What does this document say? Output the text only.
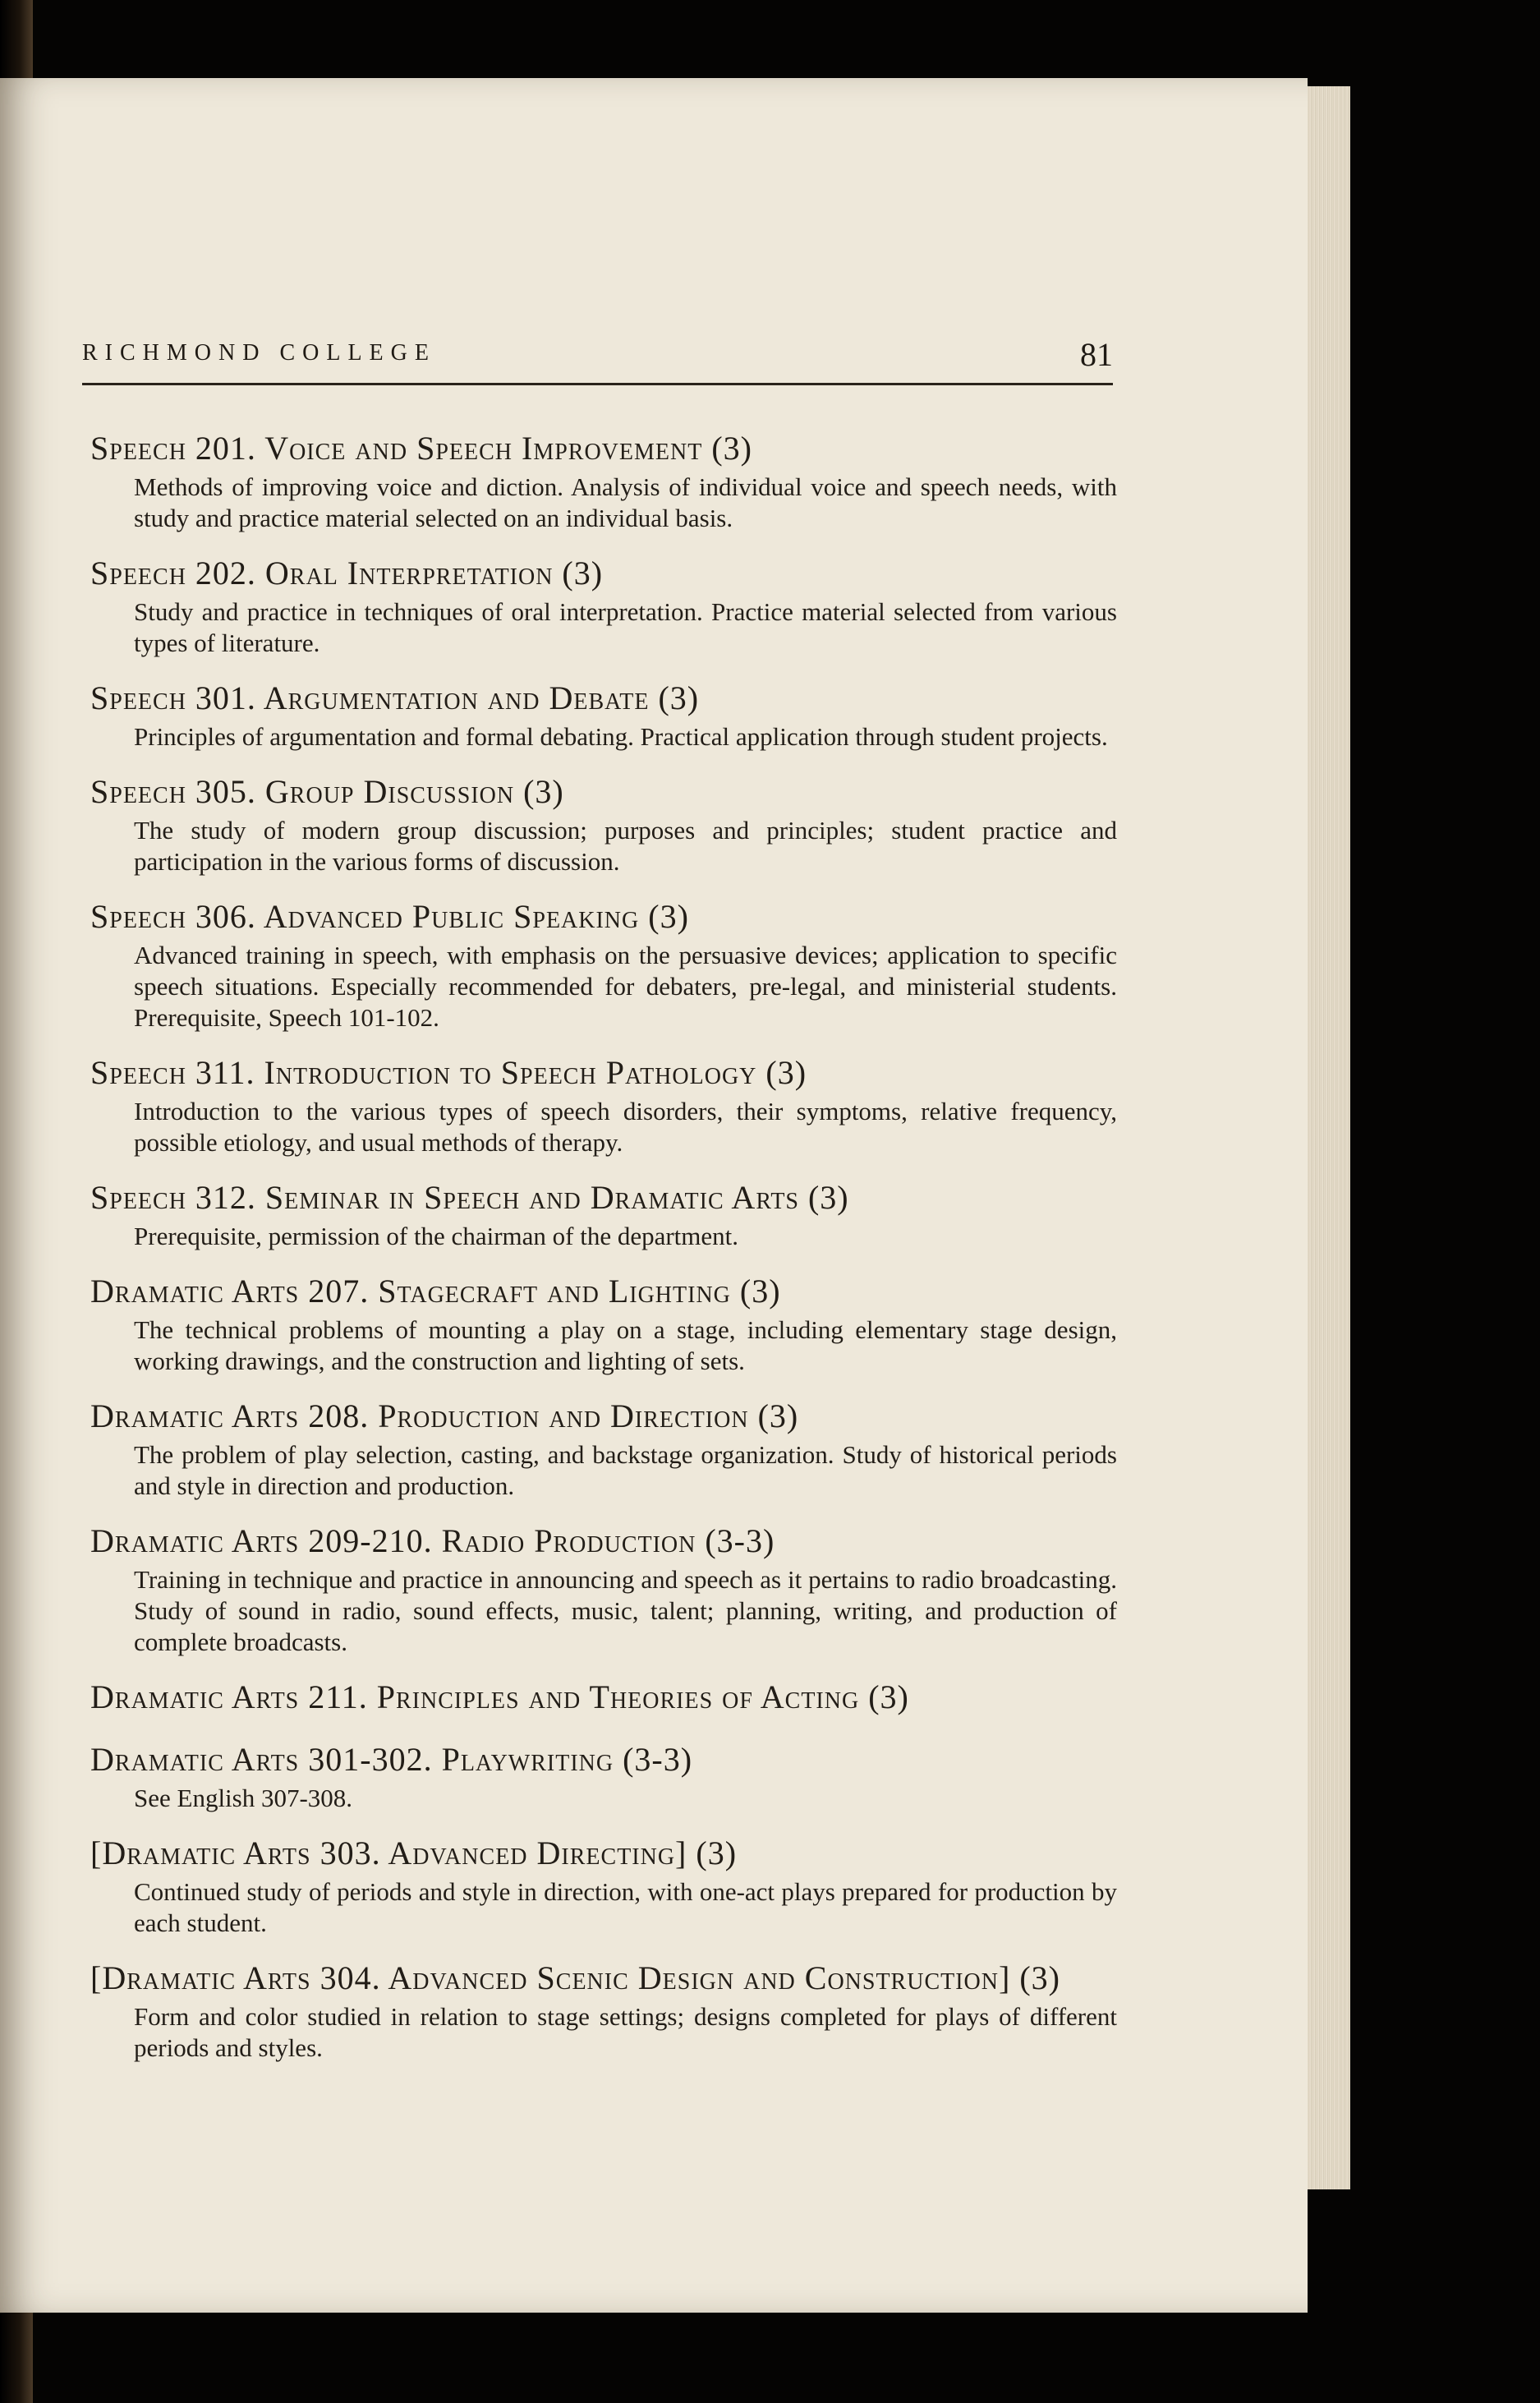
RICHMOND COLLEGE	81
Speech 201. Voice and Speech Improvement (3)
Methods of improving voice and diction. Analysis of individual voice and speech needs, with study and practice material selected on an individual basis.
Speech 202. Oral Interpretation (3)
Study and practice in techniques of oral interpretation. Practice material selected from various types of literature.
Speech 301. Argumentation and Debate (3)
Principles of argumentation and formal debating. Practical application through student projects.
Speech 305. Group Discussion (3)
The study of modern group discussion; purposes and principles; student practice and participation in the various forms of discussion.
Speech 306. Advanced Public Speaking (3)
Advanced training in speech, with emphasis on the persuasive devices; application to specific speech situations. Especially recommended for debaters, pre-legal, and ministerial students. Prerequisite, Speech 101-102.
Speech 311. Introduction to Speech Pathology (3)
Introduction to the various types of speech disorders, their symptoms, relative frequency, possible etiology, and usual methods of therapy.
Speech 312. Seminar in Speech and Dramatic Arts (3)
Prerequisite, permission of the chairman of the department.
Dramatic Arts 207. Stagecraft and Lighting (3)
The technical problems of mounting a play on a stage, including elementary stage design, working drawings, and the construction and lighting of sets.
Dramatic Arts 208. Production and Direction (3)
The problem of play selection, casting, and backstage organization. Study of historical periods and style in direction and production.
Dramatic Arts 209-210. Radio Production (3-3)
Training in technique and practice in announcing and speech as it pertains to radio broadcasting. Study of sound in radio, sound effects, music, talent; planning, writing, and production of complete broadcasts.
Dramatic Arts 211. Principles and Theories of Acting (3)
Dramatic Arts 301-302. Playwriting (3-3)
See English 307-308.
[Dramatic Arts 303. Advanced Directing] (3)
Continued study of periods and style in direction, with one-act plays prepared for production by each student.
[Dramatic Arts 304. Advanced Scenic Design and Construction] (3)
Form and color studied in relation to stage settings; designs completed for plays of different periods and styles.
